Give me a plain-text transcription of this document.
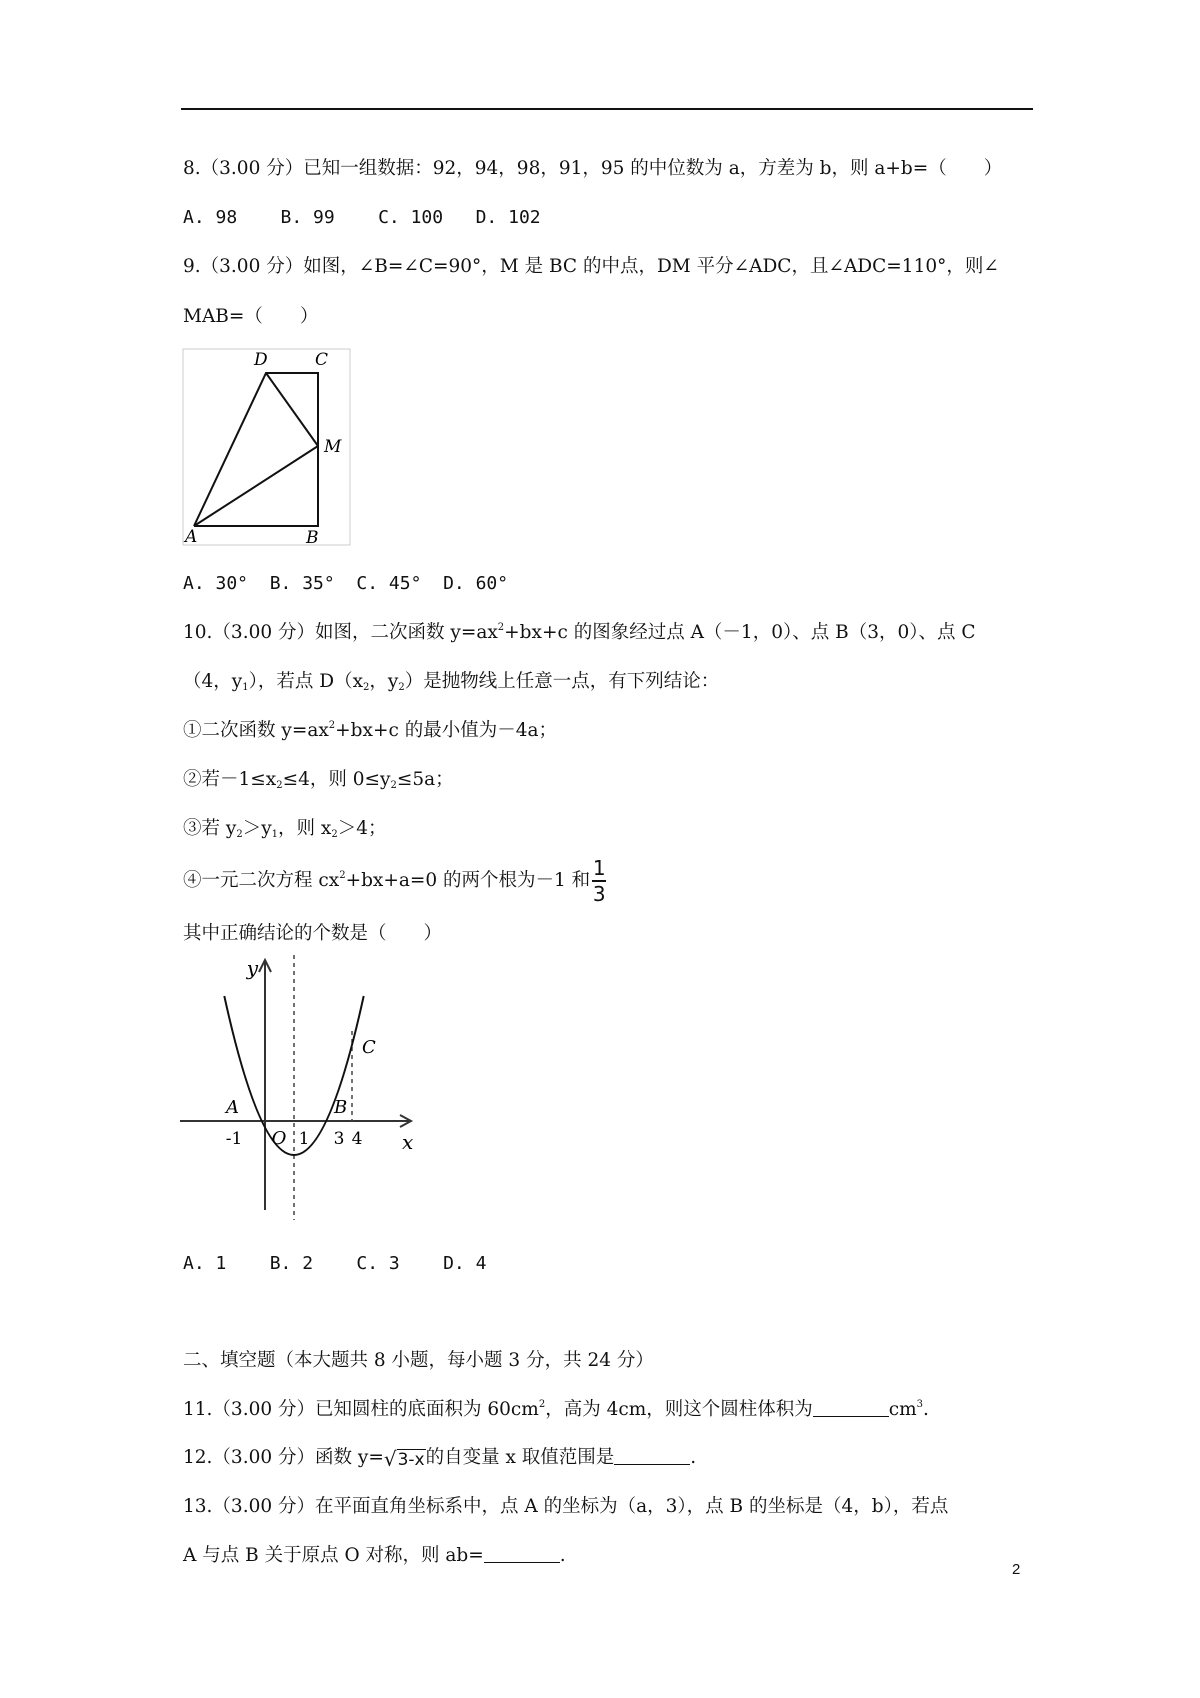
8.（3.00 分）已知一组数据：92，94，98，91，95 的中位数为 a，方差为 b，则 a+b=（　　）
A. 98    B. 99    C. 100   D. 102
9.（3.00 分）如图，∠B=∠C=90°，M 是 BC 的中点，DM 平分∠ADC，且∠ADC=110°，则∠
MAB=（　　）
D	C
M
A	B
A. 30°  B. 35°  C. 45°  D. 60°
10.（3.00 分）如图，二次函数 $y=ax^2+bx+c$ 的图象经过点 A（－1，0）、点 B（3，0）、点 C
（4，$y_1$），若点 $D(x_2$，$y_2$）是抛物线上任意一点，有下列结论：
①二次函数 $y=ax^2+bx+c$ 的最小值为－4a；
②若$-1\le x_2\le 4$，则 $0\le y_2\le 5a$；
③若 $y_2>y_1$，则 $x_2>4$；
④一元二次方程 $cx^2+bx+a=0$ 的两个根为－1 和 $\frac{1}{3}$
其中正确结论的个数是（　　）
y
x
C
A	B
-1 O 1 3 4
A. 1    B. 2    C. 3    D. 4
二、填空题（本大题共 8 小题，每小题 3 分，共 24 分）
11.（3.00 分）已知圆柱的底面积为 $60cm^2$，高为 4cm，则这个圆柱体积为	$cm^3$.
12.（3.00 分）函数 y= √ 3-x 的自变量 x 取值范围是	.
13.（3.00 分）在平面直角坐标系中，点 A 的坐标为（a，3），点 B 的坐标是（4，b），若点
A 与点 B 关于原点 O 对称，则 ab=	.
2
